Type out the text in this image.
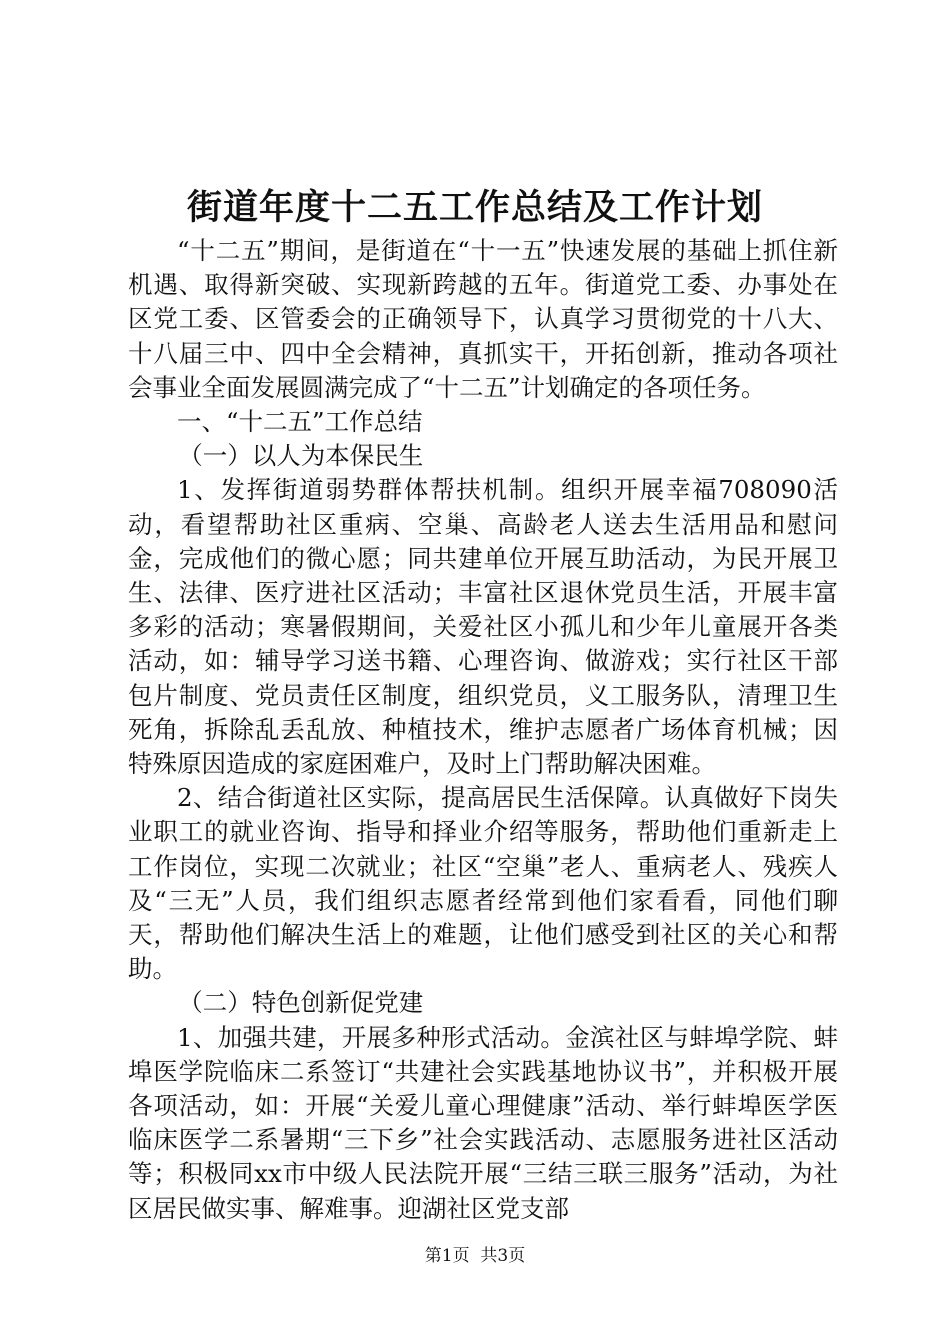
街道年度十二五工作总结及工作计划

“十二五”期间，是街道在“十一五”快速发展的基础上抓住新机遇、取得新突破、实现新跨越的五年。街道党工委、办事处在区党工委、区管委会的正确领导下，认真学习贯彻党的十八大、十八届三中、四中全会精神，真抓实干，开拓创新，推动各项社会事业全面发展圆满完成了“十二五”计划确定的各项任务。

一、“十二五”工作总结

（一）以人为本保民生

1、发挥街道弱势群体帮扶机制。组织开展幸福708090活动，看望帮助社区重病、空巢、高龄老人送去生活用品和慰问金，完成他们的微心愿；同共建单位开展互助活动，为民开展卫生、法律、医疗进社区活动；丰富社区退休党员生活，开展丰富多彩的活动；寒暑假期间，关爱社区小孤儿和少年儿童展开各类活动，如：辅导学习送书籍、心理咨询、做游戏；实行社区干部包片制度、党员责任区制度，组织党员，义工服务队，清理卫生死角，拆除乱丢乱放、种植技术，维护志愿者广场体育机械；因特殊原因造成的家庭困难户，及时上门帮助解决困难。

2、结合街道社区实际，提高居民生活保障。认真做好下岗失业职工的就业咨询、指导和择业介绍等服务，帮助他们重新走上工作岗位，实现二次就业；社区“空巢”老人、重病老人、残疾人及“三无”人员，我们组织志愿者经常到他们家看看，同他们聊天，帮助他们解决生活上的难题，让他们感受到社区的关心和帮助。

（二）特色创新促党建

1、加强共建，开展多种形式活动。金滨社区与蚌埠学院、蚌埠医学院临床二系签订“共建社会实践基地协议书”，并积极开展各项活动，如：开展“关爱儿童心理健康”活动、举行蚌埠医学医临床医学二系暑期“三下乡”社会实践活动、志愿服务进社区活动等；积极同xx市中级人民法院开展“三结三联三服务”活动，为社区居民做实事、解难事。迎湖社区党支部

第1页  共3页
